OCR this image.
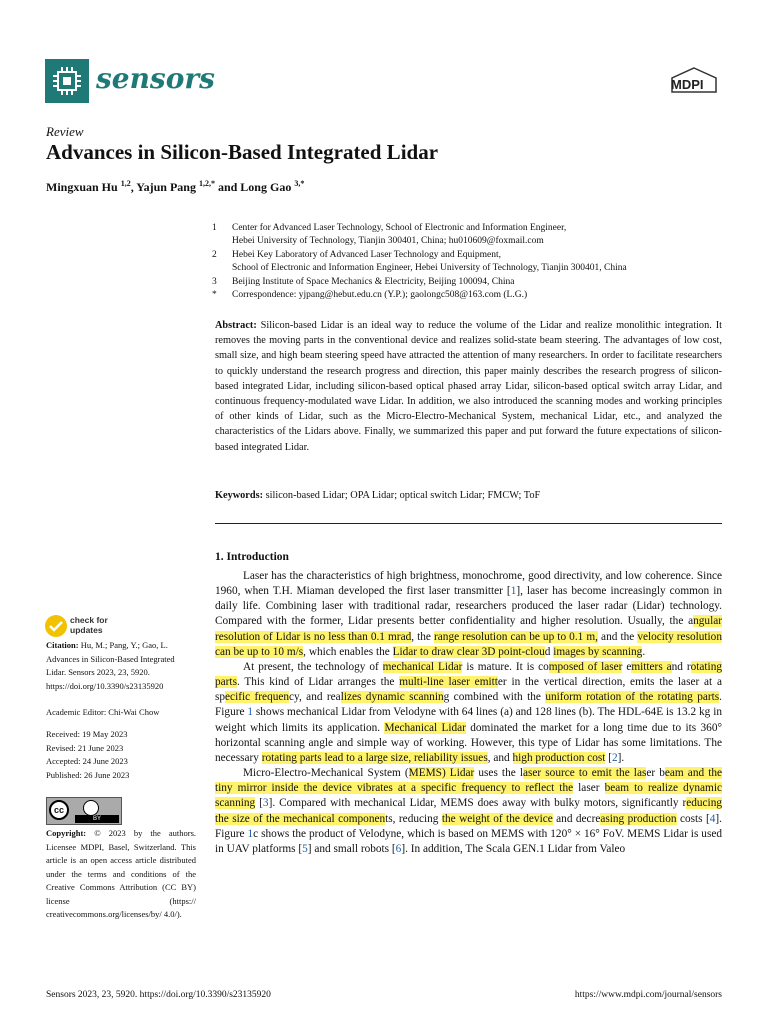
sensors	MDPI
Review
Advances in Silicon-Based Integrated Lidar
Mingxuan Hu $^{1,2}$, Yajun Pang $^{1,2,*}$ and Long Gao $^{3,*}$
1 Center for Advanced Laser Technology, School of Electronic and Information Engineer,
Hebei University of Technology, Tianjin 300401, China; hu010609@foxmail.com
2 Hebei Key Laboratory of Advanced Laser Technology and Equipment,
School of Electronic and Information Engineer, Hebei University of Technology, Tianjin 300401, China
3 Beijing Institute of Space Mechanics & Electricity, Beijing 100094, China
* Correspondence: yjpang@hebut.edu.cn (Y.P.); gaolongc508@163.com (L.G.)
Abstract: Silicon-based Lidar is an ideal way to reduce the volume of the Lidar and realize monolithic integration. It removes the moving parts in the conventional device and realizes solid-state beam steering. The advantages of low cost, small size, and high beam steering speed have attracted the attention of many researchers. In order to facilitate researchers to quickly understand the research progress and direction, this paper mainly describes the research progress of silicon-based integrated Lidar, including silicon-based optical phased array Lidar, silicon-based optical switch array Lidar, and continuous frequency-modulated wave Lidar. In addition, we also introduced the scanning modes and working principles of other kinds of Lidar, such as the Micro-Electro-Mechanical System, mechanical Lidar, etc., and analyzed the characteristics of the Lidars above. Finally, we summarized this paper and put forward the future expectations of silicon-based integrated Lidar.
Keywords: silicon-based Lidar; OPA Lidar; optical switch Lidar; FMCW; ToF
1. Introduction

Laser has the characteristics of high brightness, monochrome, good directivity, and low coherence. Since 1960, when T.H. Miaman developed the first laser transmitter [1], laser has become increasingly common in daily life. Combining laser with traditional radar, researchers produced the laser radar (Lidar) technology. Compared with the former, Lidar presents better confidentiality and higher resolution. Usually, the angular resolution of Lidar is no less than 0.1 mrad, the range resolution can be up to 0.1 m, and the velocity resolution can be up to 10 m/s, which enables the Lidar to draw clear 3D point-cloud images by scanning.

At present, the technology of mechanical Lidar is mature. It is composed of laser emitters and rotating parts. This kind of Lidar arranges the multi-line laser emitter in the vertical direction, emits the laser at a specific frequency, and realizes dynamic scanning combined with the uniform rotation of the rotating parts. Figure 1 shows mechanical Lidar from Velodyne with 64 lines (a) and 128 lines (b). The HDL-64E is 13.2 kg in weight which limits its application. Mechanical Lidar dominated the market for a long time due to its 360° horizontal scanning angle and simple way of working. However, this type of Lidar has some limitations. The necessary rotating parts lead to a large size, reliability issues, and high production cost [2].

Micro-Electro-Mechanical System (MEMS) Lidar uses the laser source to emit the laser beam and the tiny mirror inside the device vibrates at a specific frequency to reflect the laser beam to realize dynamic scanning [3]. Compared with mechanical Lidar, MEMS does away with bulky motors, significantly reducing the size of the mechanical components, reducing the weight of the device and decreasing production costs [4]. Figure 1c shows the product of Velodyne, which is based on MEMS with 120° × 16° FoV. MEMS Lidar is used in UAV platforms [5] and small robots [6]. In addition, The Scala GEN.1 Lidar from Valeo

check for
updates
Citation: Hu, M.; Pang, Y.; Gao, L. Advances in Silicon-Based Integrated Lidar. Sensors 2023, 23, 5920. https://doi.org/10.3390/s23135920
Academic Editor: Chi-Wai Chow
Received: 19 May 2023
Revised: 21 June 2023
Accepted: 24 June 2023
Published: 26 June 2023
cc
BY
Copyright: © 2023 by the authors. Licensee MDPI, Basel, Switzerland. This article is an open access article distributed under the terms and conditions of the Creative Commons Attribution (CC BY) license (https:// creativecommons.org/licenses/by/ 4.0/).
Sensors 2023, 23, 5920. https://doi.org/10.3390/s23135920	https://www.mdpi.com/journal/sensors
